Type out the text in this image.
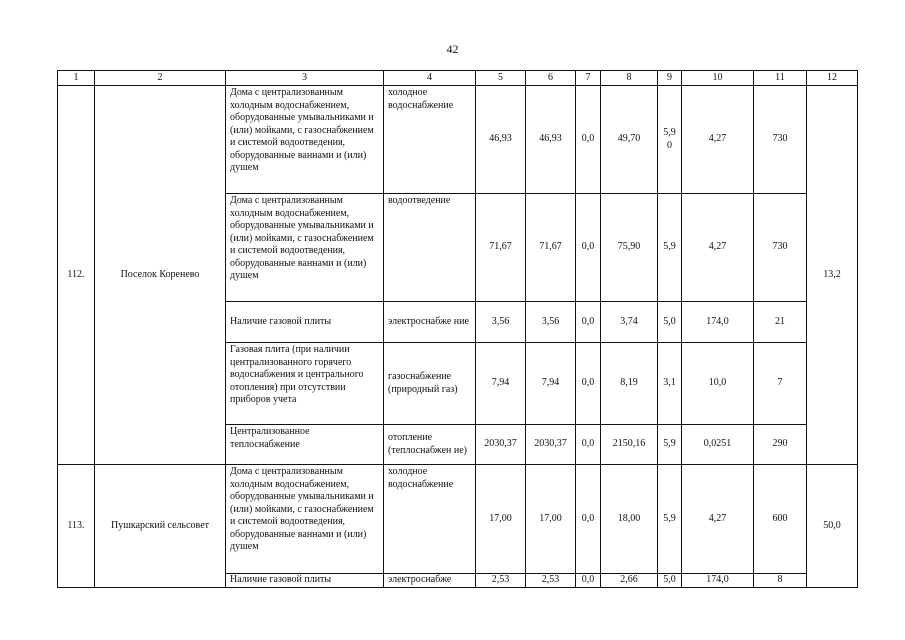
42
1	2	3	4	5	6	7	8	9	10	11	12
112.	Поселок Коренево	Дома с централизованным холодным водоснабжением, оборудованные умывальниками и (или) мойками, с газоснабжением и системой водоотведения, оборудованные ваннами и (или) душем	холодное водоснабжение	46,93	46,93	0,0	49,70	5,9 0	4,27	730	13,2
		Дома с централизованным холодным водоснабжением, оборудованные умывальниками и (или) мойками, с газоснабжением и системой водоотведения, оборудованные ваннами и (или) душем	водоотведение	71,67	71,67	0,0	75,90	5,9	4,27	730	
		Наличие газовой плиты	электроснабже ние	3,56	3,56	0,0	3,74	5,0	174,0	21	
		Газовая плита (при наличии централизованного горячего водоснабжения и центрального отопления) при отсутствии приборов учета	газоснабжение (природный газ)	7,94	7,94	0,0	8,19	3,1	10,0	7	
		Централизованное теплоснабжение	отопление (теплоснабжен ие)	2030,37	2030,37	0,0	2150,16	5,9	0,0251	290	
113.	Пушкарский сельсовет	Дома с централизованным холодным водоснабжением, оборудованные умывальниками и (или) мойками, с газоснабжением и системой водоотведения, оборудованные ваннами и (или) душем	холодное водоснабжение	17,00	17,00	0,0	18,00	5,9	4,27	600	50,0
		Наличие газовой плиты	электроснабже	2,53	2,53	0,0	2,66	5,0	174,0	8	
